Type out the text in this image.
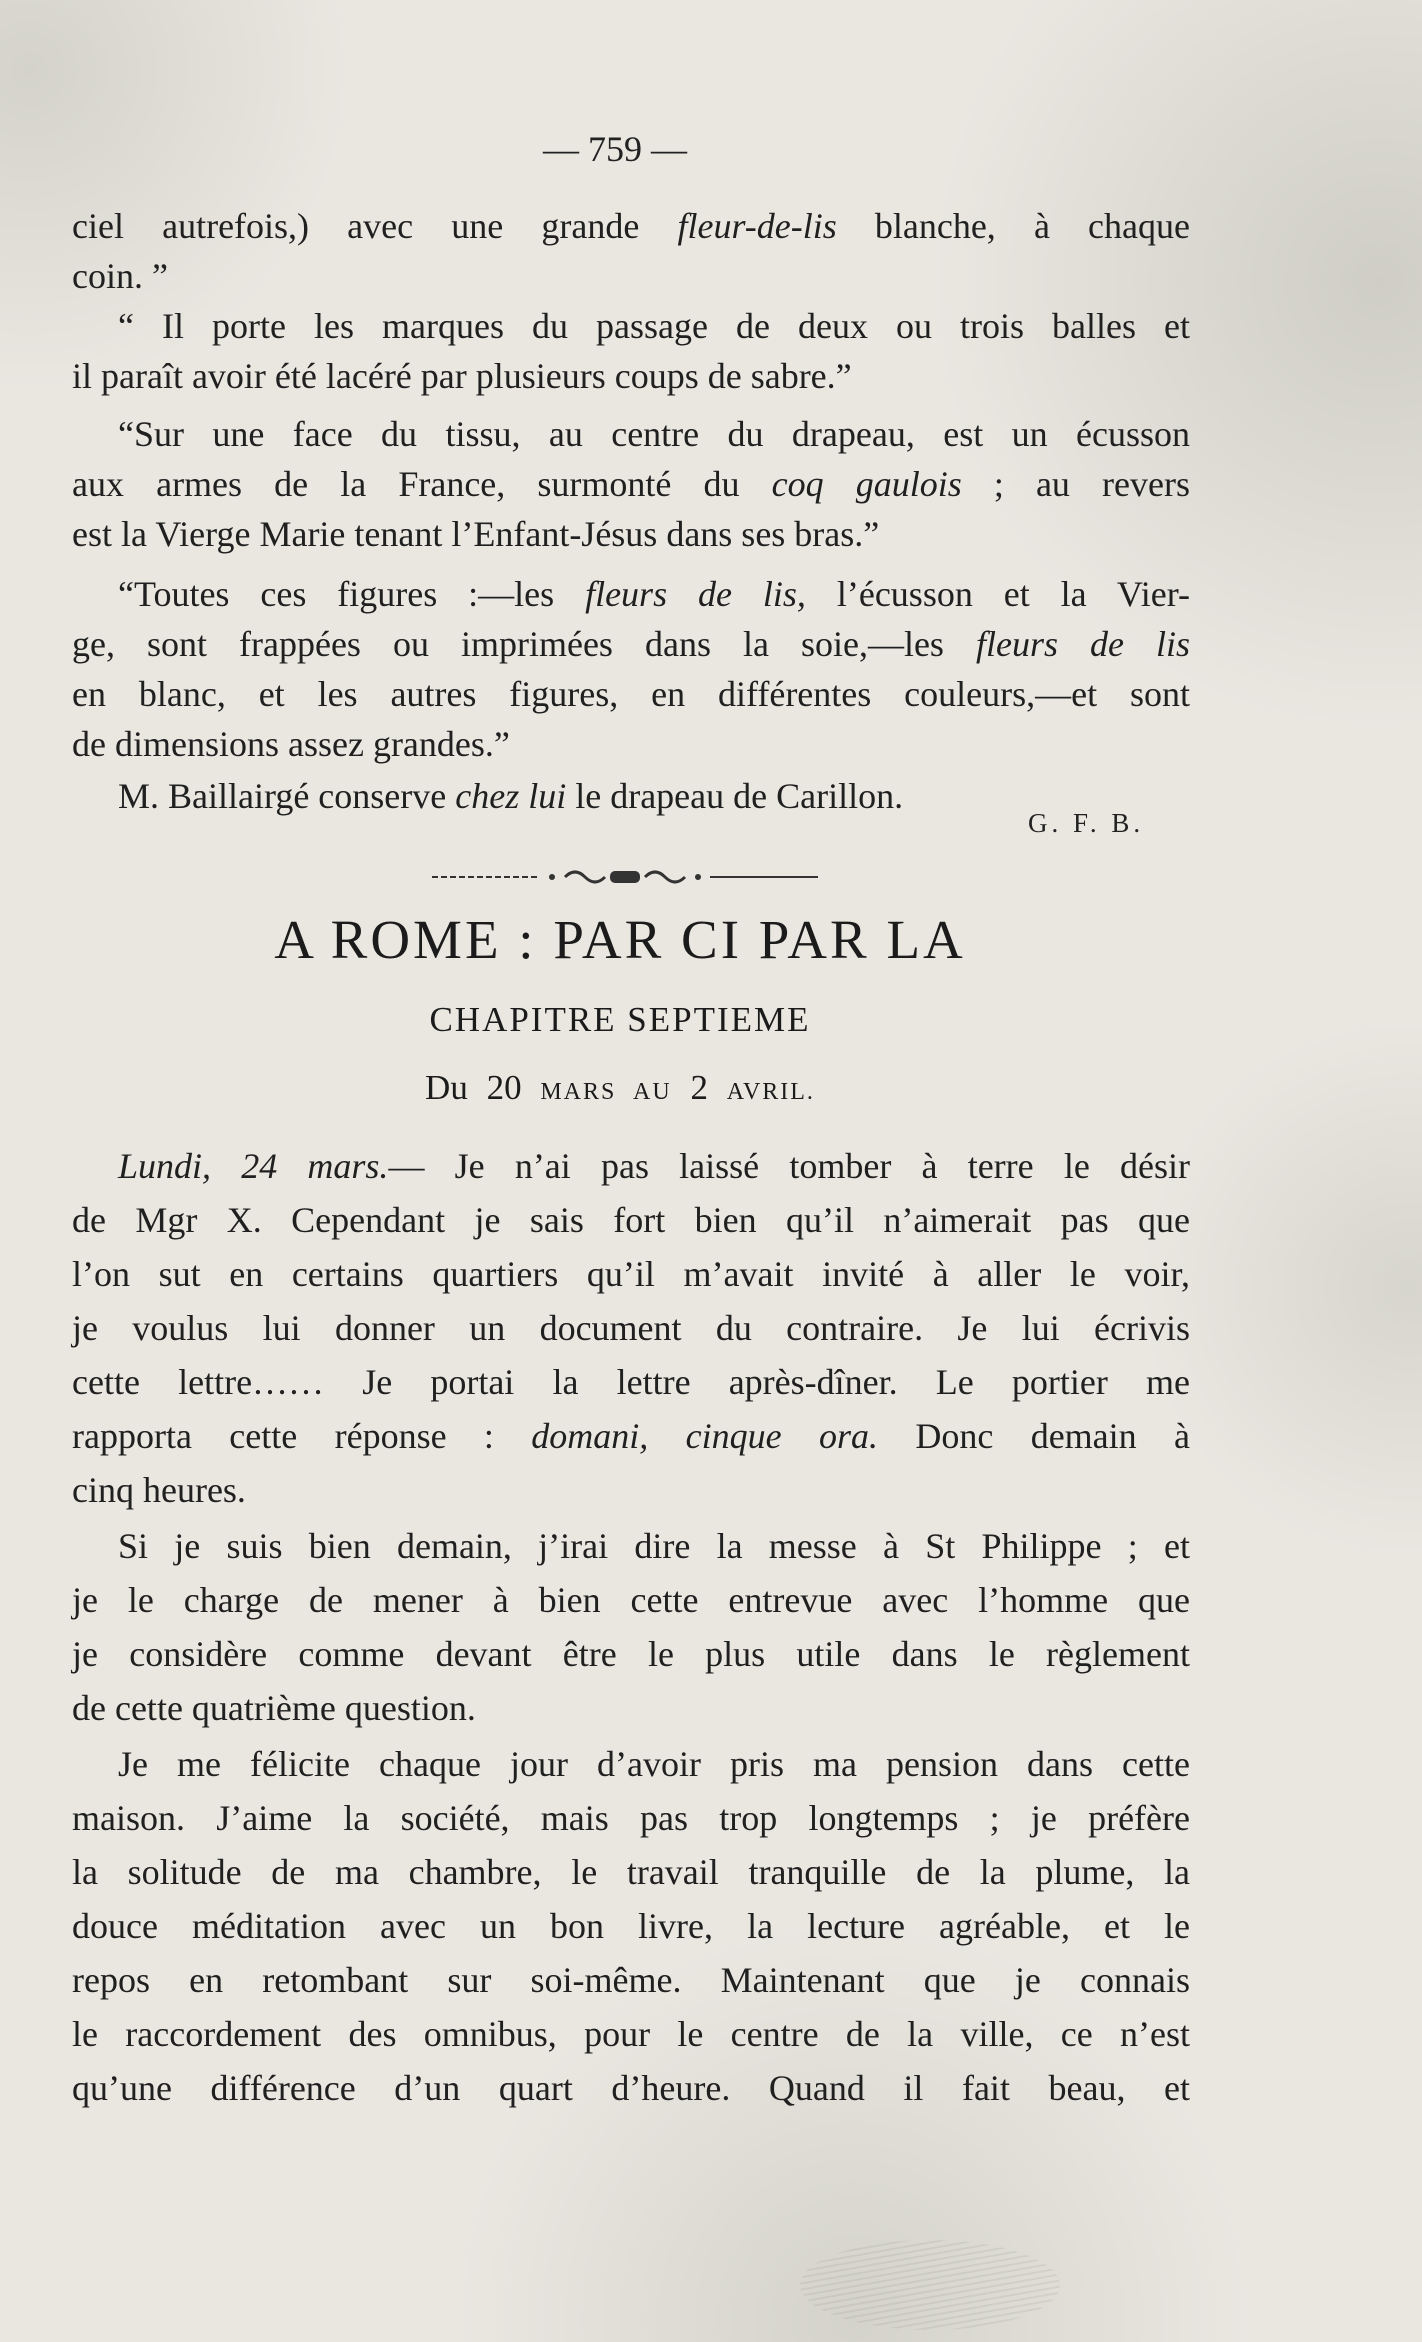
— 759 —
ciel autrefois,) avec une grande fleur-de-lis blanche, à chaque
coin. ”
“ Il porte les marques du passage de deux ou trois balles et
il paraît avoir été lacéré par plusieurs coups de sabre.”
“Sur une face du tissu, au centre du drapeau, est un écusson
aux armes de la France, surmonté du coq gaulois ; au revers
est la Vierge Marie tenant l’Enfant-Jésus dans ses bras.”
“Toutes ces figures :—les fleurs de lis, l’écusson et la Vier-
ge, sont frappées ou imprimées dans la soie,—les fleurs de lis
en blanc, et les autres figures, en différentes couleurs,—et sont
de dimensions assez grandes.”
M. Baillairgé conserve chez lui le drapeau de Carillon.
G. F. B.
A ROME : PAR CI PAR LA
CHAPITRE SEPTIEME
Du 20 MARS AU 2 AVRIL.
Lundi, 24 mars.— Je n’ai pas laissé tomber à terre le désir
de Mgr X. Cependant je sais fort bien qu’il n’aimerait pas que
l’on sut en certains quartiers qu’il m’avait invité à aller le voir,
je voulus lui donner un document du contraire. Je lui écrivis
cette lettre…… Je portai la lettre après-dîner. Le portier me
rapporta cette réponse : domani, cinque ora. Donc demain à
cinq heures.
Si je suis bien demain, j’irai dire la messe à St Philippe ; et
je le charge de mener à bien cette entrevue avec l’homme que
je considère comme devant être le plus utile dans le règlement
de cette quatrième question.
Je me félicite chaque jour d’avoir pris ma pension dans cette
maison. J’aime la société, mais pas trop longtemps ; je préfère
la solitude de ma chambre, le travail tranquille de la plume, la
douce méditation avec un bon livre, la lecture agréable, et le
repos en retombant sur soi-même. Maintenant que je connais
le raccordement des omnibus, pour le centre de la ville, ce n’est
qu’une différence d’un quart d’heure. Quand il fait beau, et
